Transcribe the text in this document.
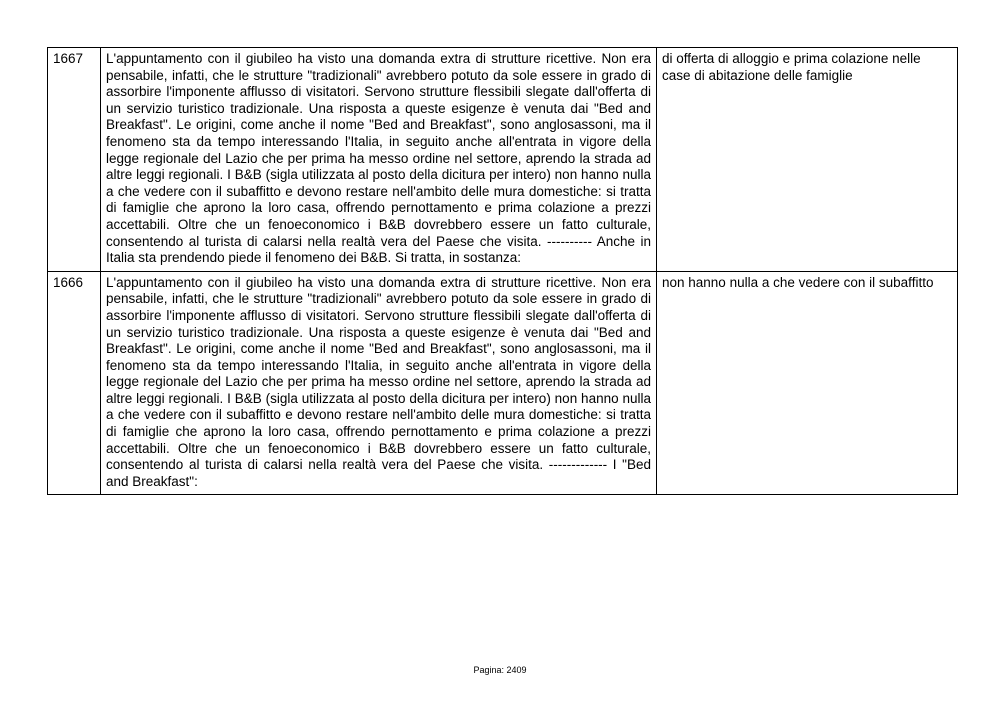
1667	L'appuntamento con il giubileo ha visto una domanda extra di strutture ricettive. Non era pensabile, infatti, che le strutture "tradizionali" avrebbero potuto da sole essere in grado di assorbire l'imponente afflusso di visitatori. Servono strutture flessibili slegate dall'offerta di un servizio turistico tradizionale. Una risposta a queste esigenze è venuta dai "Bed and Breakfast". Le origini, come anche il nome "Bed and Breakfast", sono anglosassoni, ma il fenomeno sta da tempo interessando l'Italia, in seguito anche all'entrata in vigore della legge regionale del Lazio che per prima ha messo ordine nel settore, aprendo la strada ad altre leggi regionali. I B&B (sigla utilizzata al posto della dicitura per intero) non hanno nulla a che vedere con il subaffitto e devono restare nell'ambito delle mura domestiche: si tratta di famiglie che aprono la loro casa, offrendo pernottamento e prima colazione a prezzi accettabili. Oltre che un fenoeconomico i B&B dovrebbero essere un fatto culturale, consentendo al turista di calarsi nella realtà vera del Paese che visita. ---------- Anche in Italia sta prendendo piede il fenomeno dei B&B. Si tratta, in sostanza:	di offerta di alloggio e prima colazione nelle case di abitazione delle famiglie
1666	L'appuntamento con il giubileo ha visto una domanda extra di strutture ricettive. Non era pensabile, infatti, che le strutture "tradizionali" avrebbero potuto da sole essere in grado di assorbire l'imponente afflusso di visitatori. Servono strutture flessibili slegate dall'offerta di un servizio turistico tradizionale. Una risposta a queste esigenze è venuta dai "Bed and Breakfast". Le origini, come anche il nome "Bed and Breakfast", sono anglosassoni, ma il fenomeno sta da tempo interessando l'Italia, in seguito anche all'entrata in vigore della legge regionale del Lazio che per prima ha messo ordine nel settore, aprendo la strada ad altre leggi regionali. I B&B (sigla utilizzata al posto della dicitura per intero) non hanno nulla a che vedere con il subaffitto e devono restare nell'ambito delle mura domestiche: si tratta di famiglie che aprono la loro casa, offrendo pernottamento e prima colazione a prezzi accettabili. Oltre che un fenoeconomico i B&B dovrebbero essere un fatto culturale, consentendo al turista di calarsi nella realtà vera del Paese che visita. ------------- I "Bed and Breakfast":	non hanno nulla a che vedere con il subaffitto
Pagina: 2409
